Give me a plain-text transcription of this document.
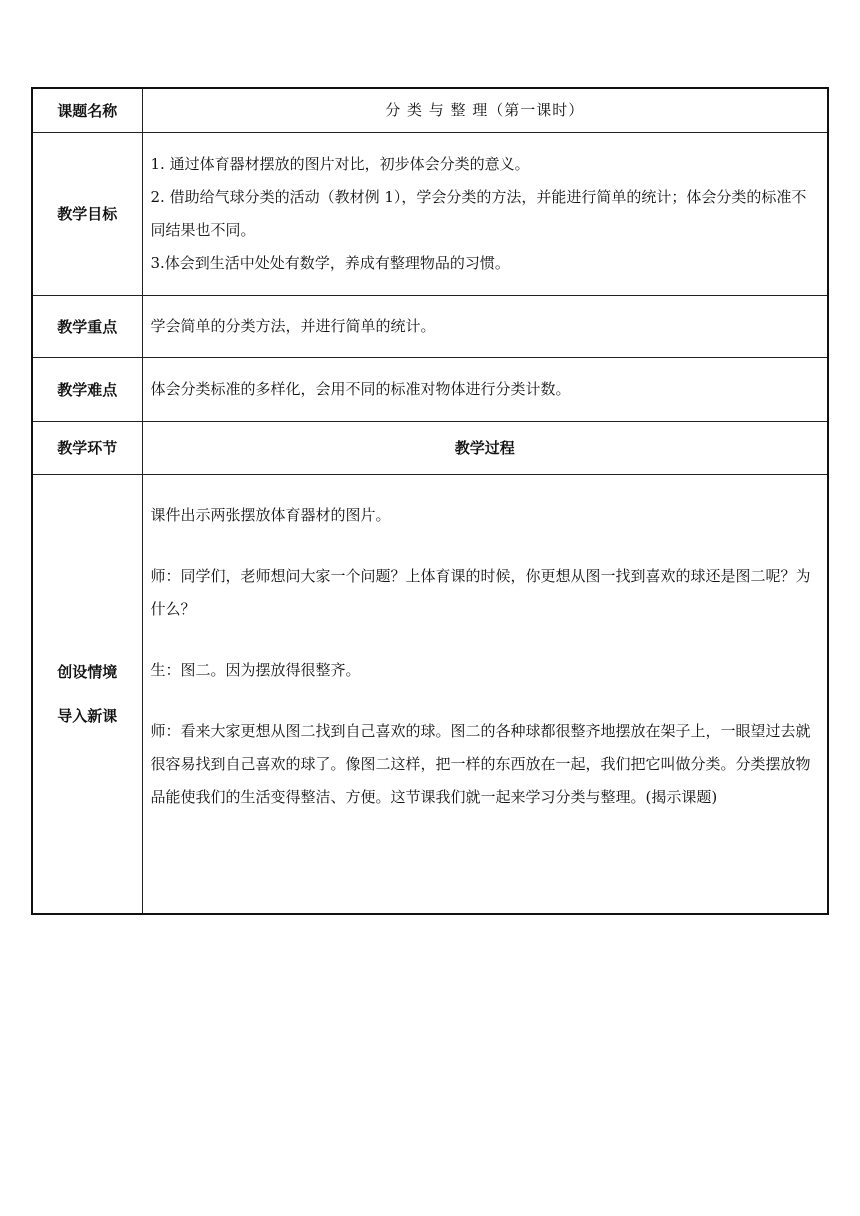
课题名称	分 类 与 整 理（第一课时）
教学目标	1. 通过体育器材摆放的图片对比，初步体会分类的意义。
2. 借助给气球分类的活动（教材例 1），学会分类的方法，并能进行简单的统计；体会分类的标准不同结果也不同。
3.体会到生活中处处有数学，养成有整理物品的习惯。

教学重点	学会简单的分类方法，并进行简单的统计。
教学难点	体会分类标准的多样化，会用不同的标准对物体进行分类计数。
教学环节	教学过程

创设情境
导入新课	课件出示两张摆放体育器材的图片。
师：同学们，老师想问大家一个问题？上体育课的时候，你更想从图一找到喜欢的球还是图二呢？为什么？
生：图二。因为摆放得很整齐。
师：看来大家更想从图二找到自己喜欢的球。图二的各种球都很整齐地摆放在架子上，一眼望过去就很容易找到自己喜欢的球了。像图二这样，把一样的东西放在一起，我们把它叫做分类。分类摆放物品能使我们的生活变得整洁、方便。这节课我们就一起来学习分类与整理。(揭示课题)
